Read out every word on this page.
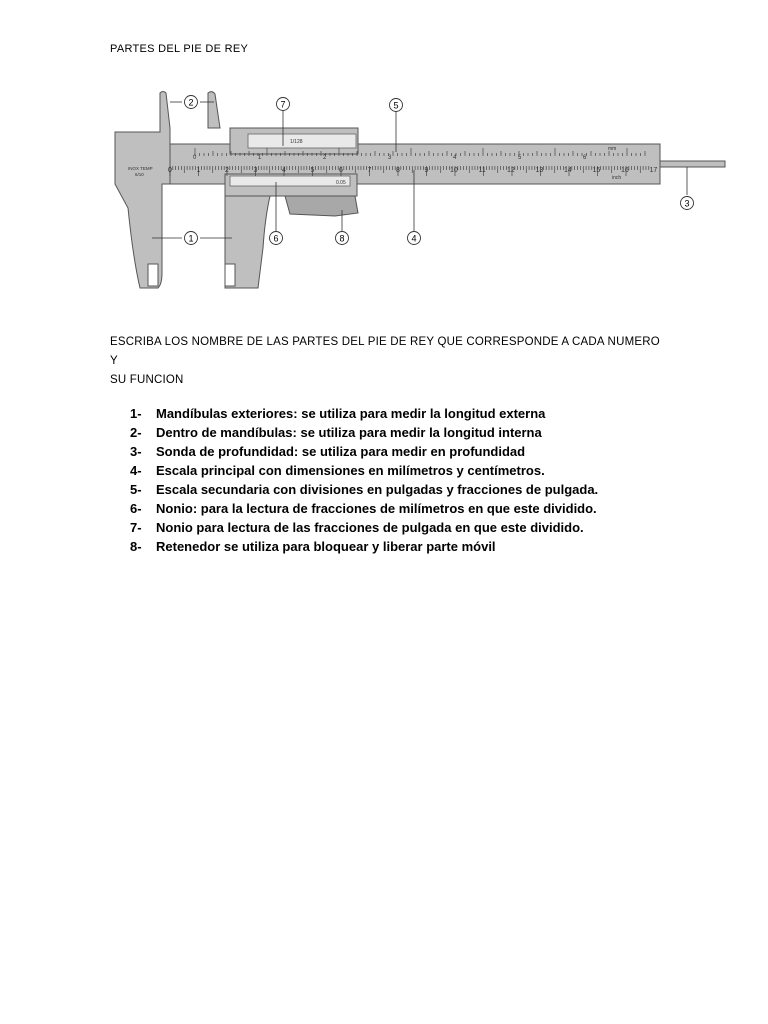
PARTES DEL PIE DE REY
INOX TEMP
6/10
mm
inch
1/128
0.05
0	1	2	3	4	5	6	7	8	9	10	11	12	13	14	15	16	17
0	1	2	3	4	5	6
1
2
3
4
5
6
7
8
ESCRIBA LOS NOMBRE DE LAS PARTES DEL PIE DE REY QUE CORRESPONDE A CADA NUMERO Y
SU FUNCION
1- Mandíbulas exteriores: se utiliza para medir la longitud externa
2- Dentro de mandíbulas: se utiliza para medir la longitud interna
3- Sonda de profundidad: se utiliza para medir en profundidad
4- Escala principal con dimensiones en milímetros y centímetros.
5- Escala secundaria con divisiones en pulgadas y fracciones de pulgada.
6- Nonio: para la lectura de fracciones de milímetros en que este dividido.
7- Nonio para lectura de las fracciones de pulgada en que este dividido.
8- Retenedor se utiliza para bloquear y liberar parte móvil
